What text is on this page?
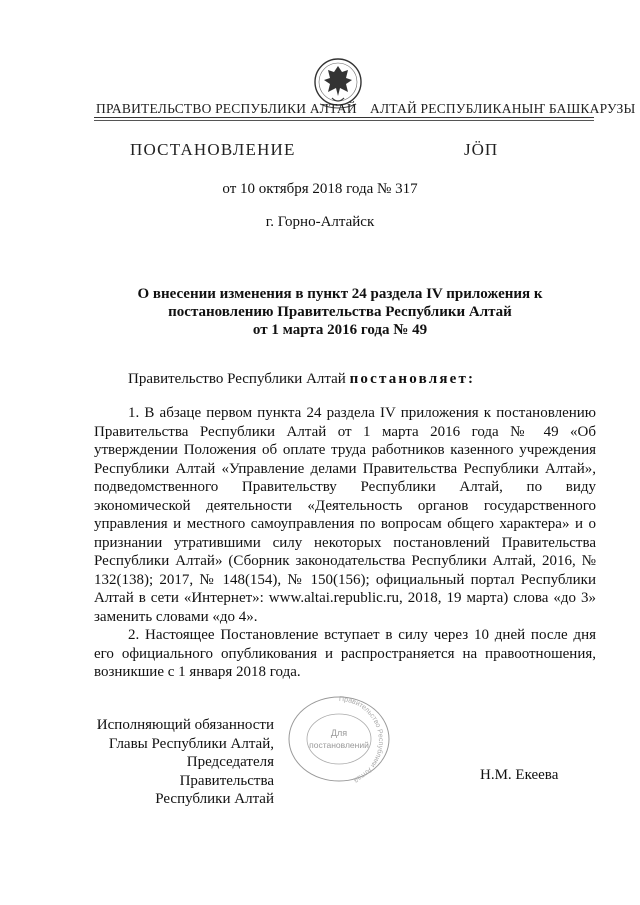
ПРАВИТЕЛЬСТВО РЕСПУБЛИКИ АЛТАЙ АЛТАЙ РЕСПУБЛИКАНЫҤ БАШКАРУЗЫ
ПОСТАНОВЛЕНИЕ	ЈӦП
от 10 октября 2018 года № 317
г. Горно-Алтайск
О внесении изменения в пункт 24 раздела IV приложения к
постановлению Правительства Республики Алтай
от 1 марта 2016 года № 49
Правительство Республики Алтай постановляет:

1. В абзаце первом пункта 24 раздела IV приложения к постановлению Правительства Республики Алтай от 1 марта 2016 года № 49 «Об утверждении Положения об оплате труда работников казенного учреждения Республики Алтай «Управление делами Правительства Республики Алтай», подведомственного Правительству Республики Алтай, по виду экономической деятельности «Деятельность органов государственного управления и местного самоуправления по вопросам общего характера» и о признании утратившими силу некоторых постановлений Правительства Республики Алтай» (Сборник законодательства Республики Алтай, 2016, № 132(138); 2017, № 148(154), № 150(156); официальный портал Республики Алтай в сети «Интернет»: www.altai.republic.ru, 2018, 19 марта) слова «до 3» заменить словами «до 4».

2. Настоящее Постановление вступает в силу через 10 дней после дня его официального опубликования и распространяется на правоотношения, возникшие с 1 января 2018 года.

Исполняющий обязанности
Главы Республики Алтай,
Председателя Правительства
Республики Алтай
Правительство Республики Алтай
Для
постановлений
Н.М. Екеева
